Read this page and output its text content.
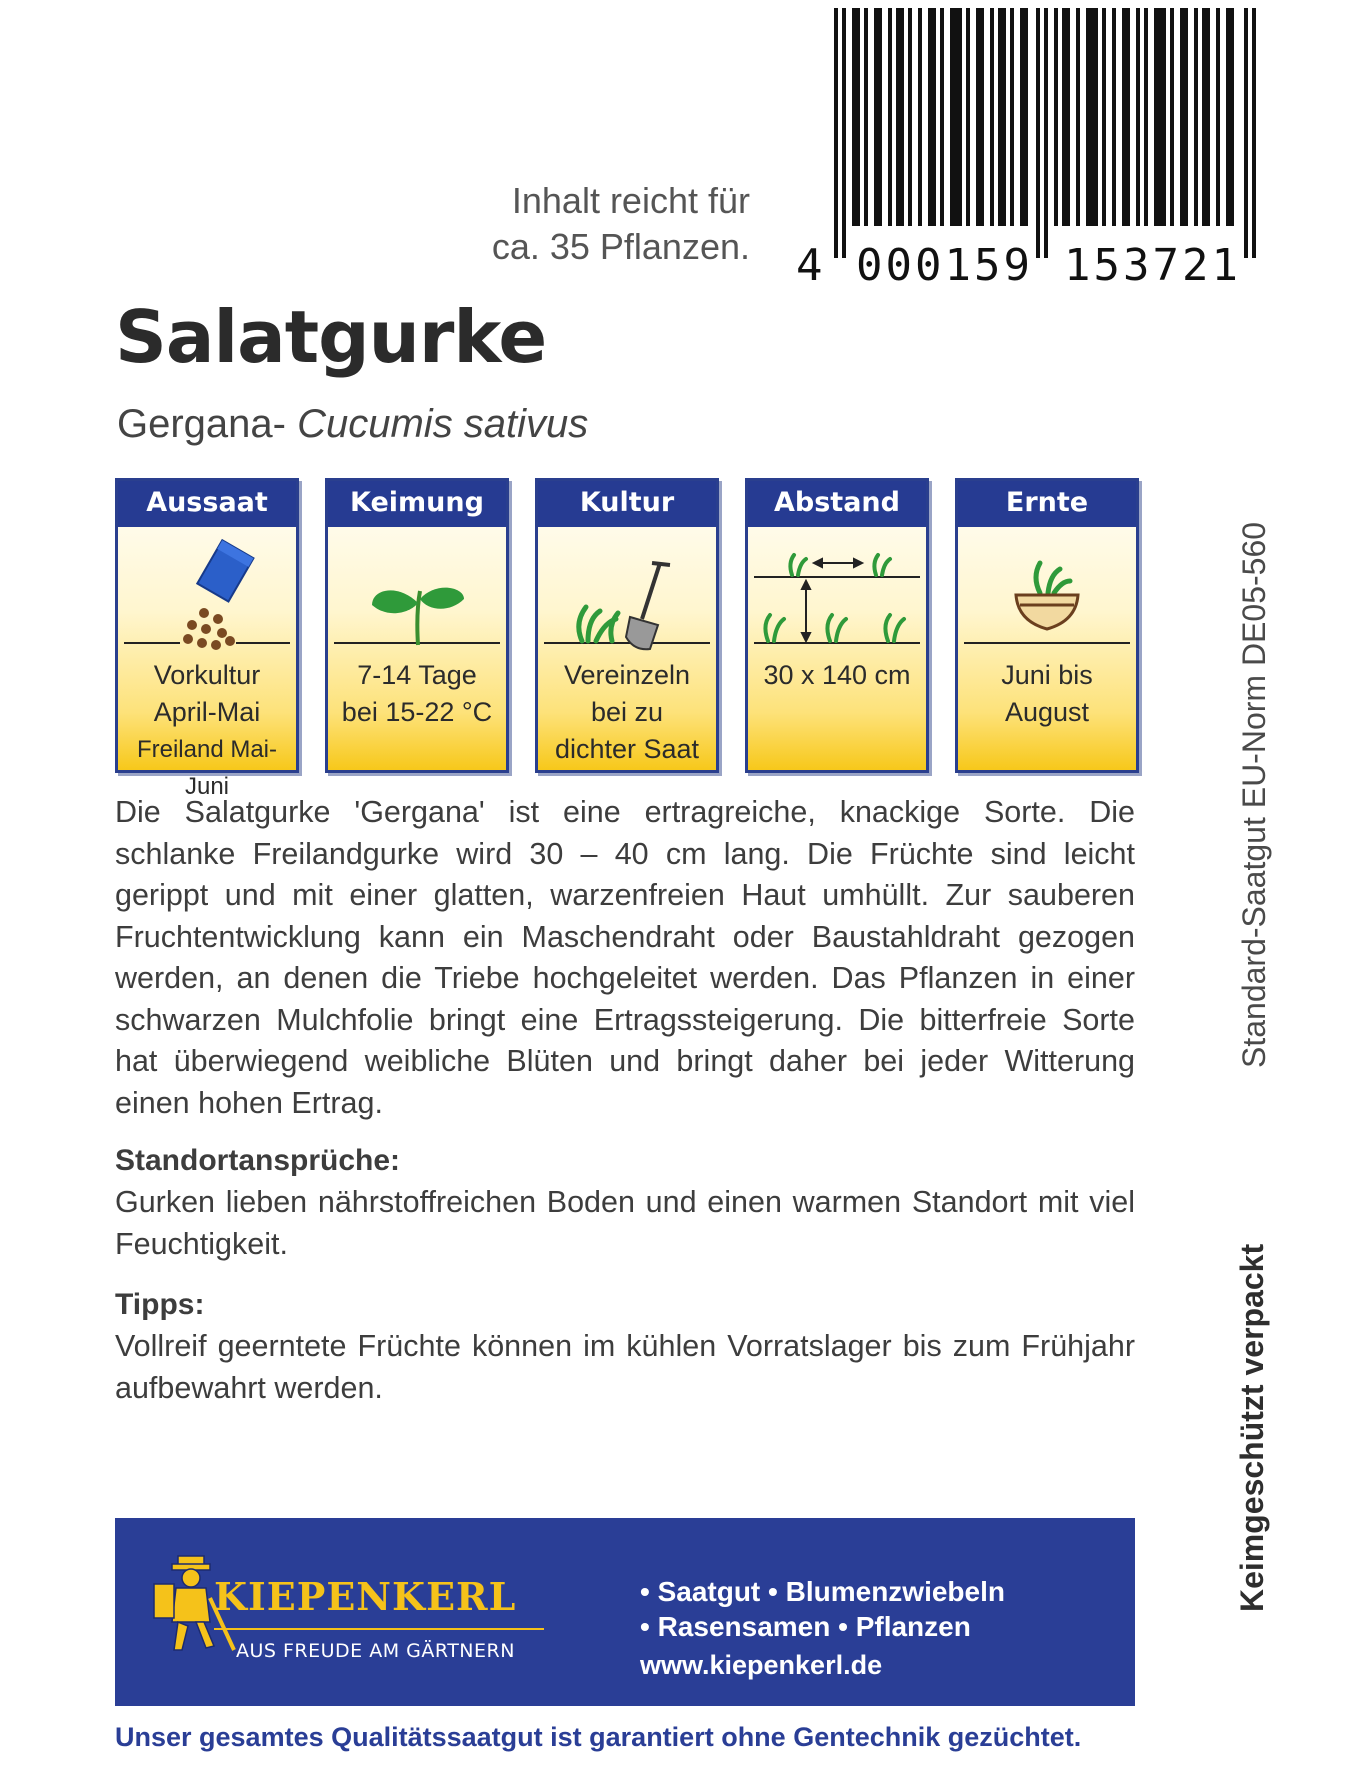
4 000159 153721
Inhalt reicht für
ca. 35 Pflanzen.
Salatgurke
Gergana- Cucumis sativus
Aussaat
Vorkultur
April-Mai
Freiland Mai-Juni
Keimung
7-14 Tage
bei 15-22 °C
Kultur
Vereinzeln
bei zu
dichter Saat
Abstand
30 x 140 cm
Ernte
Juni bis
August

Die Salatgurke 'Gergana' ist eine ertragreiche, knackige Sorte. Die schlanke Freilandgurke wird 30 – 40 cm lang. Die Früchte sind leicht gerippt und mit einer glatten, warzenfreien Haut umhüllt. Zur sauberen Fruchtentwicklung kann ein Maschendraht oder Baustahldraht gezogen werden, an denen die Triebe hochgeleitet werden. Das Pflanzen in einer schwarzen Mulchfolie bringt eine Ertragssteigerung. Die bitterfreie Sorte hat überwiegend weibliche Blüten und bringt daher bei jeder Witterung einen hohen Ertrag.

Standortansprüche:

Gurken lieben nährstoffreichen Boden und einen warmen Standort mit viel Feuchtigkeit.

Tipps:

Vollreif geerntete Früchte können im kühlen Vorratslager bis zum Frühjahr aufbewahrt werden.

Standard-Saatgut EU-Norm DE05-560
Keimgeschützt verpackt
KIEPENKERL
AUS FREUDE AM GÄRTNERN
• Saatgut • Blumenzwiebeln
• Rasensamen • Pflanzen
www.kiepenkerl.de
Unser gesamtes Qualitätssaatgut ist garantiert ohne Gentechnik gezüchtet.
